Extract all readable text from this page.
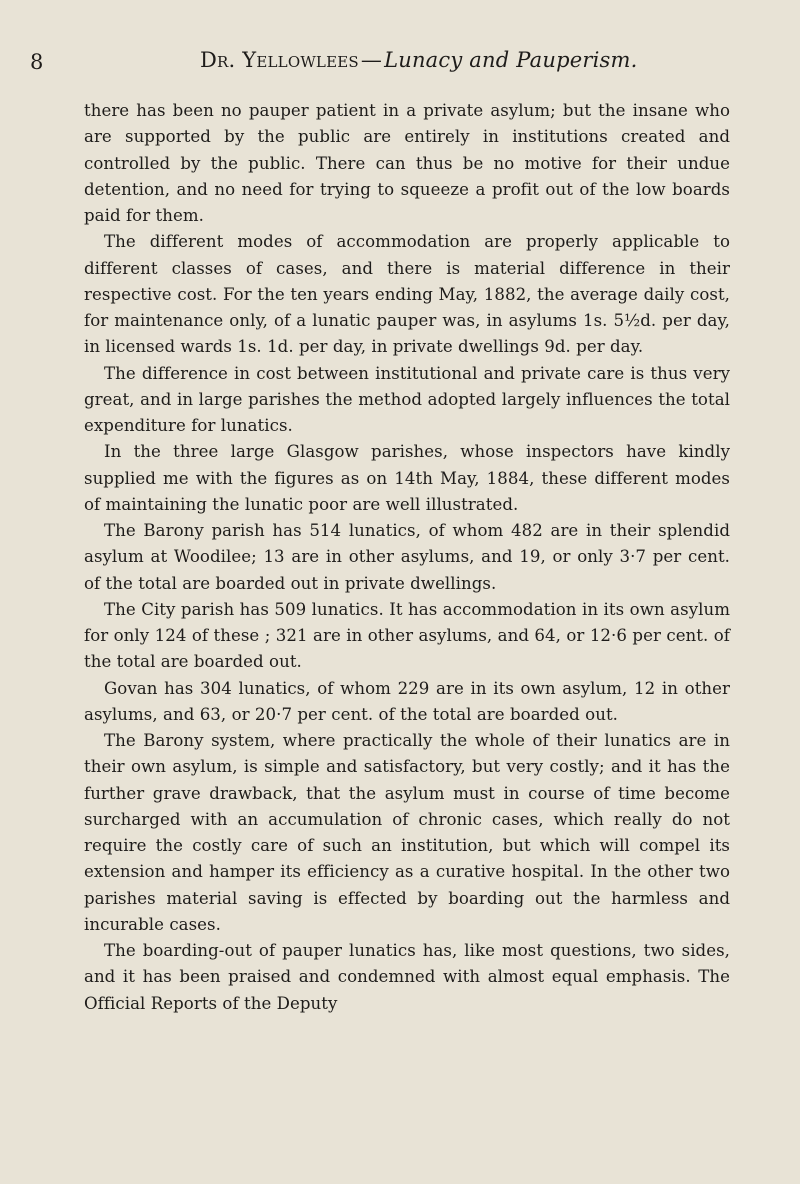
8	Dr. Yellowlees — Lunacy and Pauperism.

there has been no pauper patient in a private asylum; but the insane who are supported by the public are entirely in institutions created and controlled by the public. There can thus be no motive for their undue detention, and no need for trying to squeeze a profit out of the low boards paid for them.

The different modes of accommodation are properly applicable to different classes of cases, and there is material difference in their respective cost. For the ten years ending May, 1882, the average daily cost, for maintenance only, of a lunatic pauper was, in asylums 1s. 5½d. per day, in licensed wards 1s. 1d. per day, in private dwellings 9d. per day.

The difference in cost between institutional and private care is thus very great, and in large parishes the method adopted largely influences the total expenditure for lunatics.

In the three large Glasgow parishes, whose inspectors have kindly supplied me with the figures as on 14th May, 1884, these different modes of maintaining the lunatic poor are well illustrated.

The Barony parish has 514 lunatics, of whom 482 are in their splendid asylum at Woodilee; 13 are in other asylums, and 19, or only 3·7 per cent. of the total are boarded out in private dwellings.

The City parish has 509 lunatics. It has accommodation in its own asylum for only 124 of these ; 321 are in other asylums, and 64, or 12·6 per cent. of the total are boarded out.

Govan has 304 lunatics, of whom 229 are in its own asylum, 12 in other asylums, and 63, or 20·7 per cent. of the total are boarded out.

The Barony system, where practically the whole of their lunatics are in their own asylum, is simple and satisfactory, but very costly; and it has the further grave drawback, that the asylum must in course of time become surcharged with an accumulation of chronic cases, which really do not require the costly care of such an institution, but which will compel its extension and hamper its efficiency as a curative hospital. In the other two parishes material saving is effected by boarding out the harmless and incurable cases.

The boarding-out of pauper lunatics has, like most questions, two sides, and it has been praised and condemned with almost equal emphasis. The Official Reports of the Deputy
